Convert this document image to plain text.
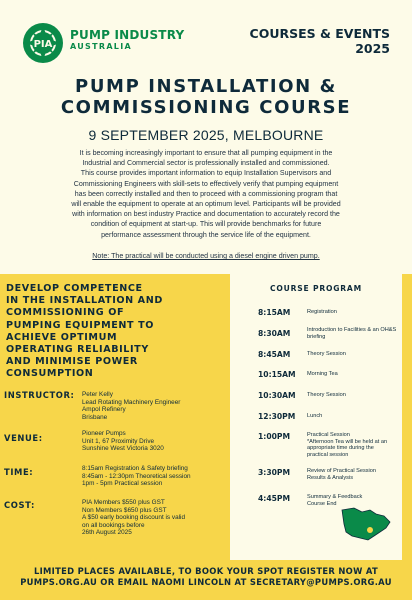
PIA
PUMP INDUSTRY
AUSTRALIA
COURSES & EVENTS
2025
PUMP INSTALLATION &
COMMISSIONING COURSE
9 SEPTEMBER 2025, MELBOURNE
It is becoming increasingly important to ensure that all pumping equipment in the
Industrial and Commercial sector is professionally installed and commissioned.
This course provides important information to equip Installation Supervisors and
Commissioning Engineers with skill-sets to effectively verify that pumping equipment
has been correctly installed and then to proceed with a commissioning program that
will enable the equipment to operate at an optimum level. Participants will be provided
with information on best industry Practice and documentation to accurately record the
condition of equipment at start-up. This will provide benchmarks for future
performance assessment through the service life of the equipment.
Note: The practical will be conducted using a diesel engine driven pump.
DEVELOP COMPETENCE
IN THE INSTALLATION AND
COMMISSIONING OF
PUMPING EQUIPMENT TO
ACHIEVE OPTIMUM
OPERATING RELIABILITY
AND MINIMISE POWER
CONSUMPTION
INSTRUCTOR: Peter Kelly
Lead Rotating Machinery Engineer
Ampol Refinery
Brisbane
VENUE:	Pioneer Pumps
Unit 1, 67 Proximity Drive
Sunshine West Victoria 3020
TIME:	8:15am Registration & Safety briefing
8:45am - 12:30pm Theoretical session
1pm - 5pm Practical session
COST:	PIA Members $550 plus GST
Non Members $650 plus GST
A $50 early booking discount is valid
on all bookings before
26th August 2025
COURSE PROGRAM
8:15AM	Registration
8:30AM	Introduction to Facilities & an OH&S
briefing
8:45AM	Theory Session
10:15AM Morning Tea
10:30AM Theory Session
12:30PM Lunch
1:00PM	Practical Session
*Afternoon Tea will be held at an
appropriate time during the
practical session
3:30PM	Review of Practical Session
Results & Analysis
4:45PM	Summary & Feedback
Course End
LIMITED PLACES AVAILABLE, TO BOOK YOUR SPOT REGISTER NOW AT
PUMPS.ORG.AU OR EMAIL NAOMI LINCOLN AT SECRETARY@PUMPS.ORG.AU
